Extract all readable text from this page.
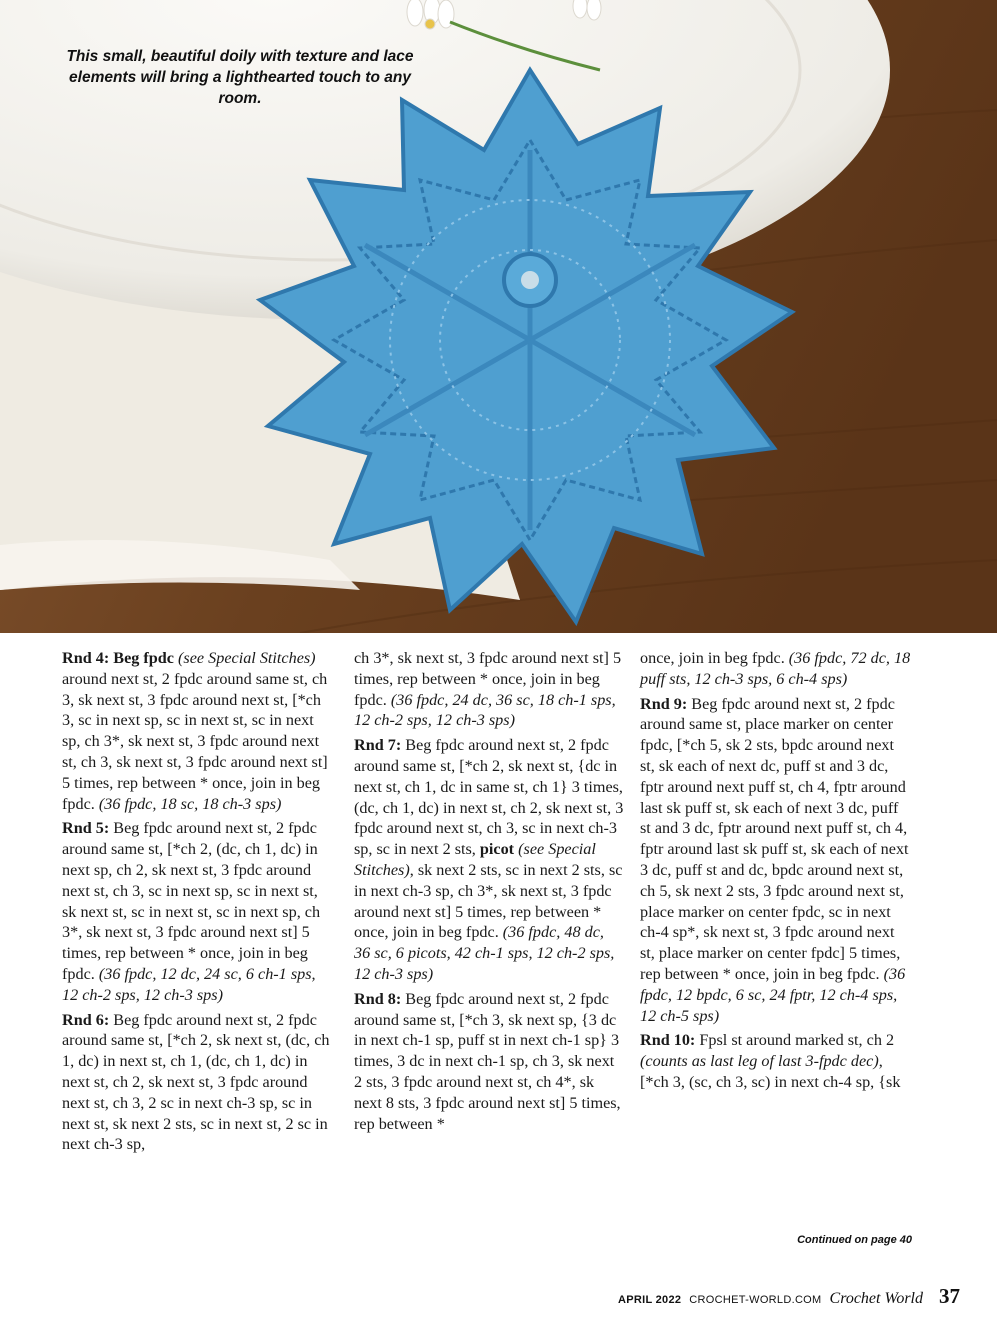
This small, beautiful doily with texture and lace elements will bring a lighthearted touch to any room.

Rnd 4: Beg fpdc (see Special Stitches) around next st, 2 fpdc around same st, ch 3, sk next st, 3 fpdc around next st, [*ch 3, sc in next sp, sc in next st, sc in next sp, ch 3*, sk next st, 3 fpdc around next st, ch 3, sk next st, 3 fpdc around next st] 5 times, rep between * once, join in beg fpdc. (36 fpdc, 18 sc, 18 ch-3 sps)

Rnd 5: Beg fpdc around next st, 2 fpdc around same st, [*ch 2, (dc, ch 1, dc) in next sp, ch 2, sk next st, 3 fpdc around next st, ch 3, sc in next sp, sc in next st, sk next st, sc in next st, sc in next sp, ch 3*, sk next st, 3 fpdc around next st] 5 times, rep between * once, join in beg fpdc. (36 fpdc, 12 dc, 24 sc, 6 ch-1 sps, 12 ch-2 sps, 12 ch-3 sps)

Rnd 6: Beg fpdc around next st, 2 fpdc around same st, [*ch 2, sk next st, (dc, ch 1, dc) in next st, ch 1, (dc, ch 1, dc) in next st, ch 2, sk next st, 3 fpdc around next st, ch 3, 2 sc in next ch-3 sp, sc in next st, sk next 2 sts, sc in next st, 2 sc in next ch-3 sp,

ch 3*, sk next st, 3 fpdc around next st] 5 times, rep between * once, join in beg fpdc. (36 fpdc, 24 dc, 36 sc, 18 ch-1 sps, 12 ch-2 sps, 12 ch-3 sps)

Rnd 7: Beg fpdc around next st, 2 fpdc around same st, [*ch 2, sk next st, {dc in next st, ch 1, dc in same st, ch 1} 3 times, (dc, ch 1, dc) in next st, ch 2, sk next st, 3 fpdc around next st, ch 3, sc in next ch-3 sp, sc in next 2 sts, picot (see Special Stitches), sk next 2 sts, sc in next 2 sts, sc in next ch-3 sp, ch 3*, sk next st, 3 fpdc around next st] 5 times, rep between * once, join in beg fpdc. (36 fpdc, 48 dc, 36 sc, 6 picots, 42 ch-1 sps, 12 ch-2 sps, 12 ch-3 sps)

Rnd 8: Beg fpdc around next st, 2 fpdc around same st, [*ch 3, sk next sp, {3 dc in next ch-1 sp, puff st in next ch-1 sp} 3 times, 3 dc in next ch-1 sp, ch 3, sk next 2 sts, 3 fpdc around next st, ch 4*, sk next 8 sts, 3 fpdc around next st] 5 times, rep between *

once, join in beg fpdc. (36 fpdc, 72 dc, 18 puff sts, 12 ch-3 sps, 6 ch-4 sps)

Rnd 9: Beg fpdc around next st, 2 fpdc around same st, place marker on center fpdc, [*ch 5, sk 2 sts, bpdc around next st, sk each of next dc, puff st and 3 dc, fptr around next puff st, ch 4, fptr around last sk puff st, sk each of next 3 dc, puff st and 3 dc, fptr around next puff st, ch 4, fptr around last sk puff st, sk each of next 3 dc, puff st and dc, bpdc around next st, ch 5, sk next 2 sts, 3 fpdc around next st, place marker on center fpdc, sc in next ch-4 sp*, sk next st, 3 fpdc around next st, place marker on center fpdc] 5 times, rep between * once, join in beg fpdc. (36 fpdc, 12 bpdc, 6 sc, 24 fptr, 12 ch-4 sps, 12 ch-5 sps)

Rnd 10: Fpsl st around marked st, ch 2 (counts as last leg of last 3-fpdc dec), [*ch 3, (sc, ch 3, sc) in next ch-4 sp, {sk

Continued on page 40
APRIL 2022 CROCHET-WORLD.COM Crochet World 37
